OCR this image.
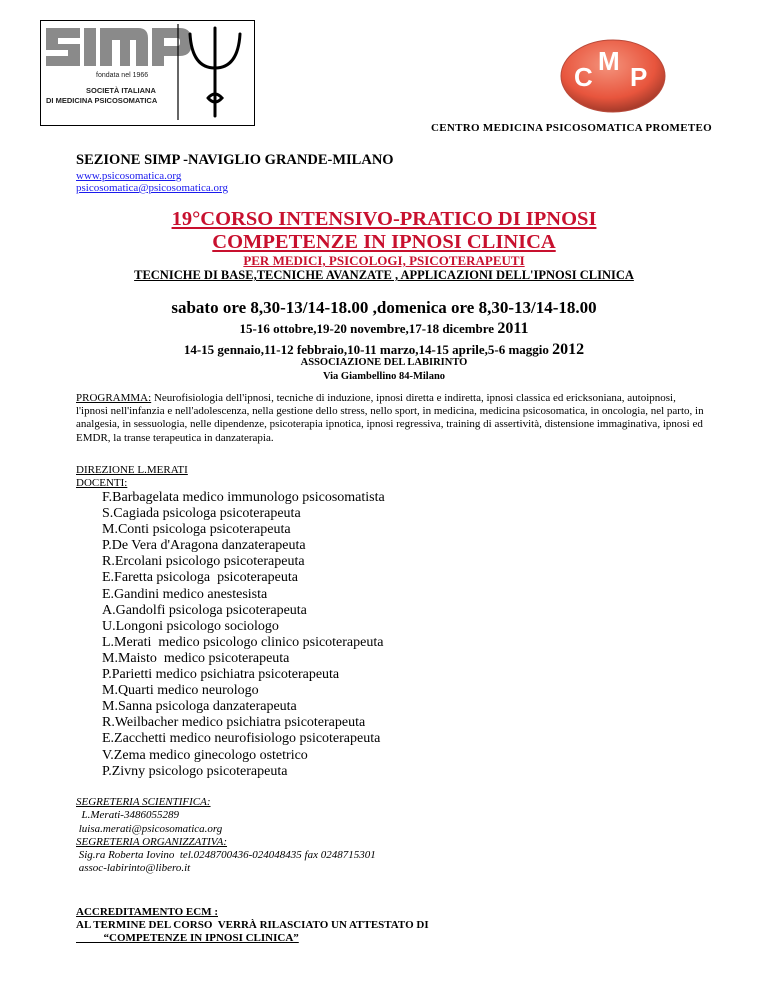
fondata nel 1966
SOCIETÀ ITALIANA
DI MEDICINA PSICOSOMATICA
C
M
P
CENTRO MEDICINA PSICOSOMATICA PROMETEO
SEZIONE SIMP -NAVIGLIO GRANDE-MILANO
www.psicosomatica.org
psicosomatica@psicosomatica.org
19°CORSO INTENSIVO-PRATICO DI IPNOSI
COMPETENZE IN IPNOSI CLINICA
PER MEDICI, PSICOLOGI, PSICOTERAPEUTI
TECNICHE DI BASE,TECNICHE AVANZATE , APPLICAZIONI DELL'IPNOSI CLINICA
sabato ore 8,30-13/14-18.00 ,domenica ore 8,30-13/14-18.00
15-16 ottobre,19-20 novembre,17-18 dicembre 2011
14-15 gennaio,11-12 febbraio,10-11 marzo,14-15 aprile,5-6 maggio 2012
ASSOCIAZIONE DEL LABIRINTO
Via Giambellino 84-Milano
PROGRAMMA: Neurofisiologia dell'ipnosi, tecniche di induzione, ipnosi diretta e indiretta, ipnosi classica ed ericksoniana, autoipnosi, l'ipnosi nell'infanzia e nell'adolescenza, nella gestione dello stress, nello sport, in medicina, medicina psicosomatica, in oncologia, nel parto, in analgesia, in sessuologia, nelle dipendenze, psicoterapia ipnotica, ipnosi regressiva, training di assertività, distensione immaginativa, ipnosi ed EMDR, la transe terapeutica in danzaterapia.
DIREZIONE L.MERATI
DOCENTI:
F.Barbagelata medico immunologo psicosomatista
S.Cagiada psicologa psicoterapeuta
M.Conti psicologa psicoterapeuta
P.De Vera d'Aragona danzaterapeuta
R.Ercolani psicologo psicoterapeuta
E.Faretta psicologa  psicoterapeuta
E.Gandini medico anestesista
A.Gandolfi psicologa psicoterapeuta
U.Longoni psicologo sociologo
L.Merati  medico psicologo clinico psicoterapeuta
M.Maisto  medico psicoterapeuta
P.Parietti medico psichiatra psicoterapeuta
M.Quarti medico neurologo
M.Sanna psicologa danzaterapeuta
R.Weilbacher medico psichiatra psicoterapeuta
E.Zacchetti medico neurofisiologo psicoterapeuta
V.Zema medico ginecologo ostetrico
P.Zivny psicologo psicoterapeuta
SEGRETERIA SCIENTIFICA:
L.Merati-3486055289
luisa.merati@psicosomatica.org
SEGRETERIA ORGANIZZATIVA:
Sig.ra Roberta Iovino  tel.0248700436-024048435 fax 0248715301
assoc-labirinto@libero.it
ACCREDITAMENTO ECM :
AL TERMINE DEL CORSO  VERRÀ RILASCIATO UN ATTESTATO DI
“COMPETENZE IN IPNOSI CLINICA”
